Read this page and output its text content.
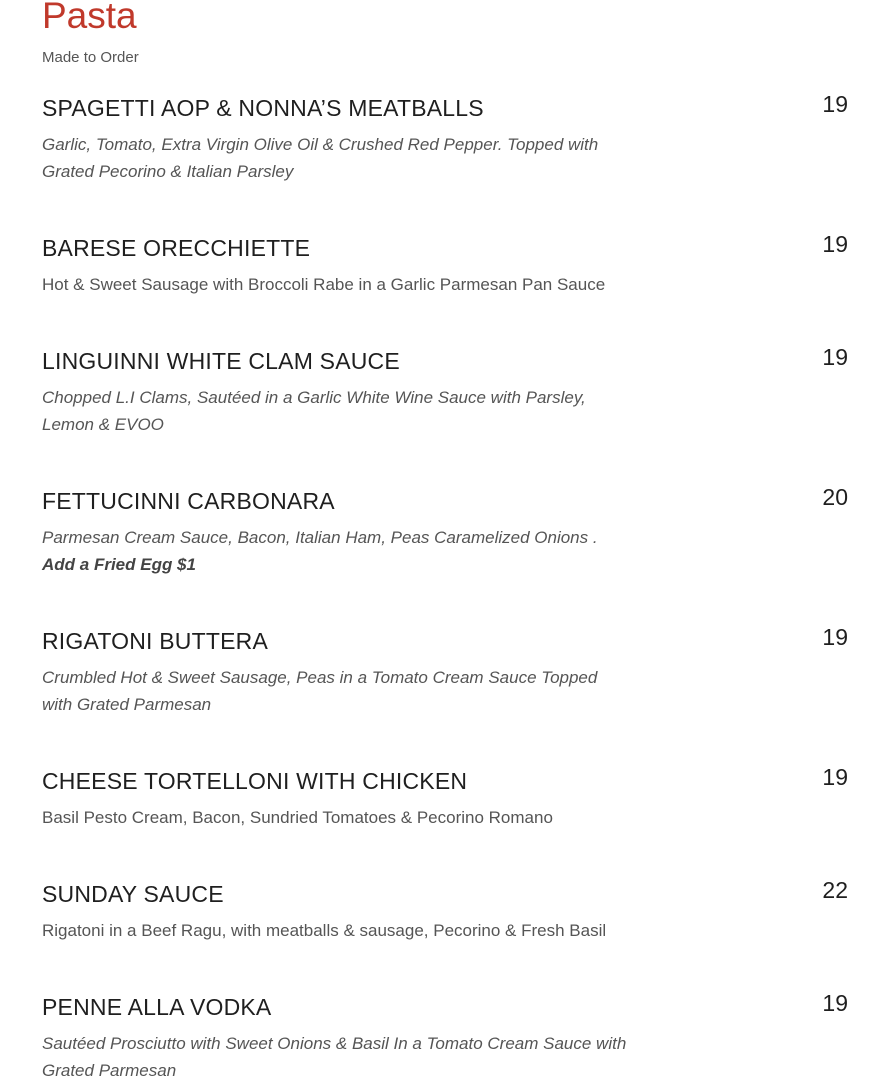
Pasta

Made to Order

SPAGETTI AOP & NONNA’S MEATBALLS	19

Garlic, Tomato, Extra Virgin Olive Oil & Crushed Red Pepper. Topped with Grated Pecorino & Italian Parsley

BARESE ORECCHIETTE	19

Hot & Sweet Sausage with Broccoli Rabe in a Garlic Parmesan Pan Sauce

LINGUINNI WHITE CLAM SAUCE	19

Chopped L.I Clams, Sautéed in a Garlic White Wine Sauce with Parsley, Lemon & EVOO

FETTUCINNI CARBONARA	20

Parmesan Cream Sauce, Bacon, Italian Ham, Peas Caramelized Onions .
Add a Fried Egg $1

RIGATONI BUTTERA	19

Crumbled Hot & Sweet Sausage, Peas in a Tomato Cream Sauce Topped with Grated Parmesan

CHEESE TORTELLONI WITH CHICKEN	19

Basil Pesto Cream, Bacon, Sundried Tomatoes & Pecorino Romano

SUNDAY SAUCE	22

Rigatoni in a Beef Ragu, with meatballs & sausage, Pecorino & Fresh Basil

PENNE ALLA VODKA	19

Sautéed Prosciutto with Sweet Onions & Basil In a Tomato Cream Sauce with Grated Parmesan
